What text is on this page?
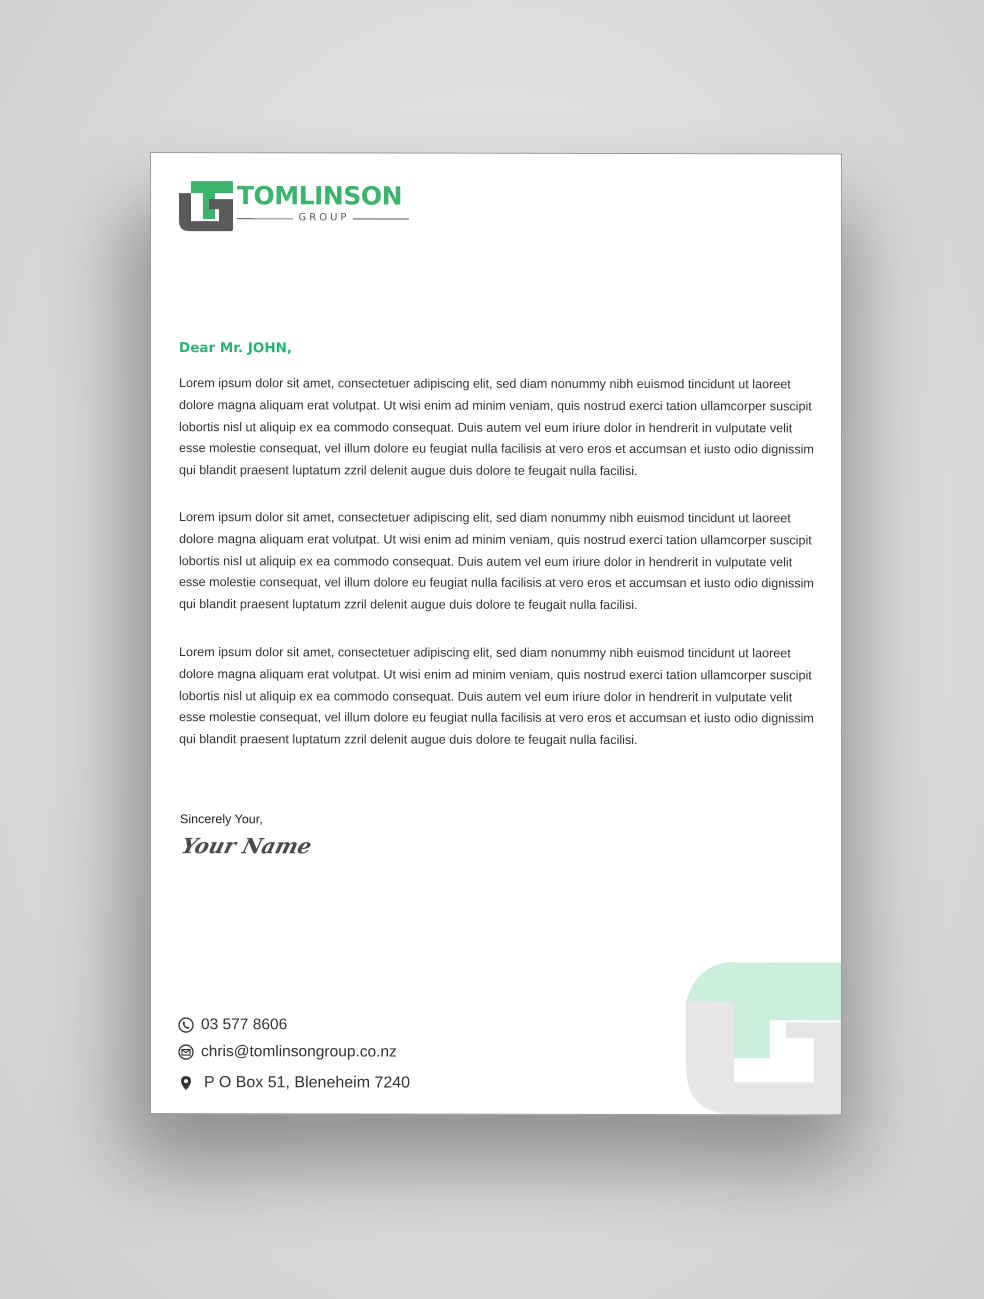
TOMLINSON
GROUP
Dear Mr. JOHN,

Lorem ipsum dolor sit amet, consectetuer adipiscing elit, sed diam nonummy nibh euismod tincidunt ut laoreet dolore magna aliquam erat volutpat. Ut wisi enim ad minim veniam, quis nostrud exerci tation ullamcorper suscipit lobortis nisl ut aliquip ex ea commodo consequat. Duis autem vel eum iriure dolor in hendrerit in vulputate velit esse molestie consequat, vel illum dolore eu feugiat nulla facilisis at vero eros et accumsan et iusto odio dignissim qui blandit praesent luptatum zzril delenit augue duis dolore te feugait nulla facilisi.

Lorem ipsum dolor sit amet, consectetuer adipiscing elit, sed diam nonummy nibh euismod tincidunt ut laoreet dolore magna aliquam erat volutpat. Ut wisi enim ad minim veniam, quis nostrud exerci tation ullamcorper suscipit lobortis nisl ut aliquip ex ea commodo consequat. Duis autem vel eum iriure dolor in hendrerit in vulputate velit esse molestie consequat, vel illum dolore eu feugiat nulla facilisis at vero eros et accumsan et iusto odio dignissim qui blandit praesent luptatum zzril delenit augue duis dolore te feugait nulla facilisi.

Lorem ipsum dolor sit amet, consectetuer adipiscing elit, sed diam nonummy nibh euismod tincidunt ut laoreet dolore magna aliquam erat volutpat. Ut wisi enim ad minim veniam, quis nostrud exerci tation ullamcorper suscipit lobortis nisl ut aliquip ex ea commodo consequat. Duis autem vel eum iriure dolor in hendrerit in vulputate velit esse molestie consequat, vel illum dolore eu feugiat nulla facilisis at vero eros et accumsan et iusto odio dignissim qui blandit praesent luptatum zzril delenit augue duis dolore te feugait nulla facilisi.

Sincerely Your,
Your Name
03 577 8606
chris@tomlinsongroup.co.nz
P O Box 51, Bleneheim 7240
